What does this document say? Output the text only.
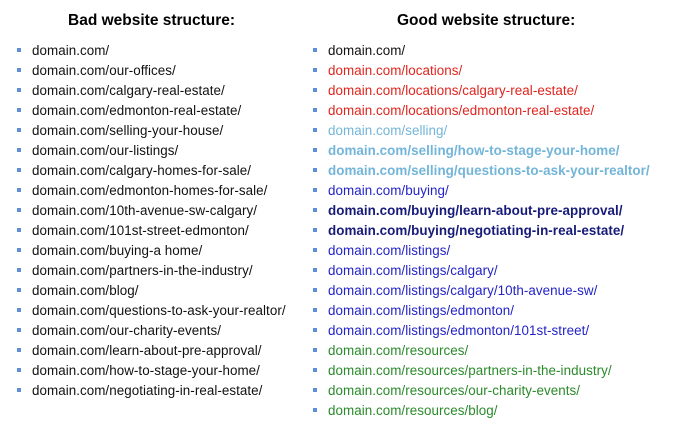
Bad website structure:
domain.com/
domain.com/our-offices/
domain.com/calgary-real-estate/
domain.com/edmonton-real-estate/
domain.com/selling-your-house/
domain.com/our-listings/
domain.com/calgary-homes-for-sale/
domain.com/edmonton-homes-for-sale/
domain.com/10th-avenue-sw-calgary/
domain.com/101st-street-edmonton/
domain.com/buying-a home/
domain.com/partners-in-the-industry/
domain.com/blog/
domain.com/questions-to-ask-your-realtor/
domain.com/our-charity-events/
domain.com/learn-about-pre-approval/
domain.com/how-to-stage-your-home/
domain.com/negotiating-in-real-estate/
Good website structure:
domain.com/
domain.com/locations/
domain.com/locations/calgary-real-estate/
domain.com/locations/edmonton-real-estate/
domain.com/selling/
domain.com/selling/how-to-stage-your-home/
domain.com/selling/questions-to-ask-your-realtor/
domain.com/buying/
domain.com/buying/learn-about-pre-approval/
domain.com/buying/negotiating-in-real-estate/
domain.com/listings/
domain.com/listings/calgary/
domain.com/listings/calgary/10th-avenue-sw/
domain.com/listings/edmonton/
domain.com/listings/edmonton/101st-street/
domain.com/resources/
domain.com/resources/partners-in-the-industry/
domain.com/resources/our-charity-events/
domain.com/resources/blog/
